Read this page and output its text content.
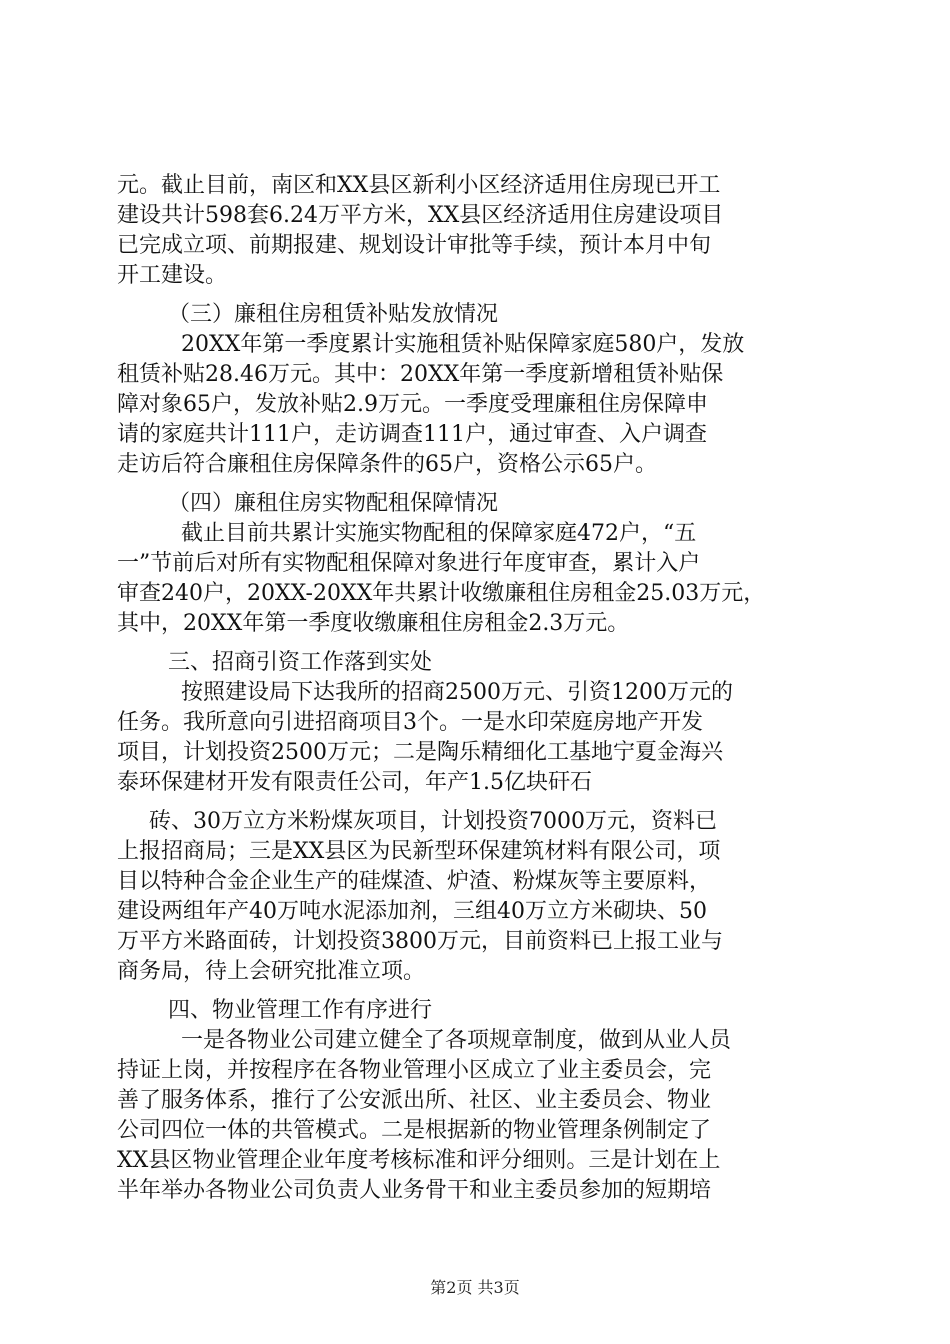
元。截止目前，南区和XX县区新利小区经济适用住房现已开工
建设共计598套6.24万平方米，XX县区经济适用住房建设项目
已完成立项、前期报建、规划设计审批等手续，预计本月中旬
开工建设。
（三）廉租住房租赁补贴发放情况
20XX年第一季度累计实施租赁补贴保障家庭580户，发放
租赁补贴28.46万元。其中：20XX年第一季度新增租赁补贴保
障对象65户，发放补贴2.9万元。一季度受理廉租住房保障申
请的家庭共计111户，走访调查111户，通过审查、入户调查
走访后符合廉租住房保障条件的65户，资格公示65户。
（四）廉租住房实物配租保障情况
截止目前共累计实施实物配租的保障家庭472户，“五
一”节前后对所有实物配租保障对象进行年度审查，累计入户
审查240户，20XX-20XX年共累计收缴廉租住房租金25.03万元，
其中，20XX年第一季度收缴廉租住房租金2.3万元。
三、招商引资工作落到实处
按照建设局下达我所的招商2500万元、引资1200万元的
任务。我所意向引进招商项目3个。一是水印荣庭房地产开发
项目，计划投资2500万元；二是陶乐精细化工基地宁夏金海兴
泰环保建材开发有限责任公司，年产1.5亿块矸石
砖、30万立方米粉煤灰项目，计划投资7000万元，资料已
上报招商局；三是XX县区为民新型环保建筑材料有限公司，项
目以特种合金企业生产的硅煤渣、炉渣、粉煤灰等主要原料，
建设两组年产40万吨水泥添加剂，三组40万立方米砌块、50
万平方米路面砖，计划投资3800万元，目前资料已上报工业与
商务局，待上会研究批准立项。
四、物业管理工作有序进行
一是各物业公司建立健全了各项规章制度，做到从业人员
持证上岗，并按程序在各物业管理小区成立了业主委员会，完
善了服务体系，推行了公安派出所、社区、业主委员会、物业
公司四位一体的共管模式。二是根据新的物业管理条例制定了
XX县区物业管理企业年度考核标准和评分细则。三是计划在上
半年举办各物业公司负责人业务骨干和业主委员参加的短期培
第2页 共3页
